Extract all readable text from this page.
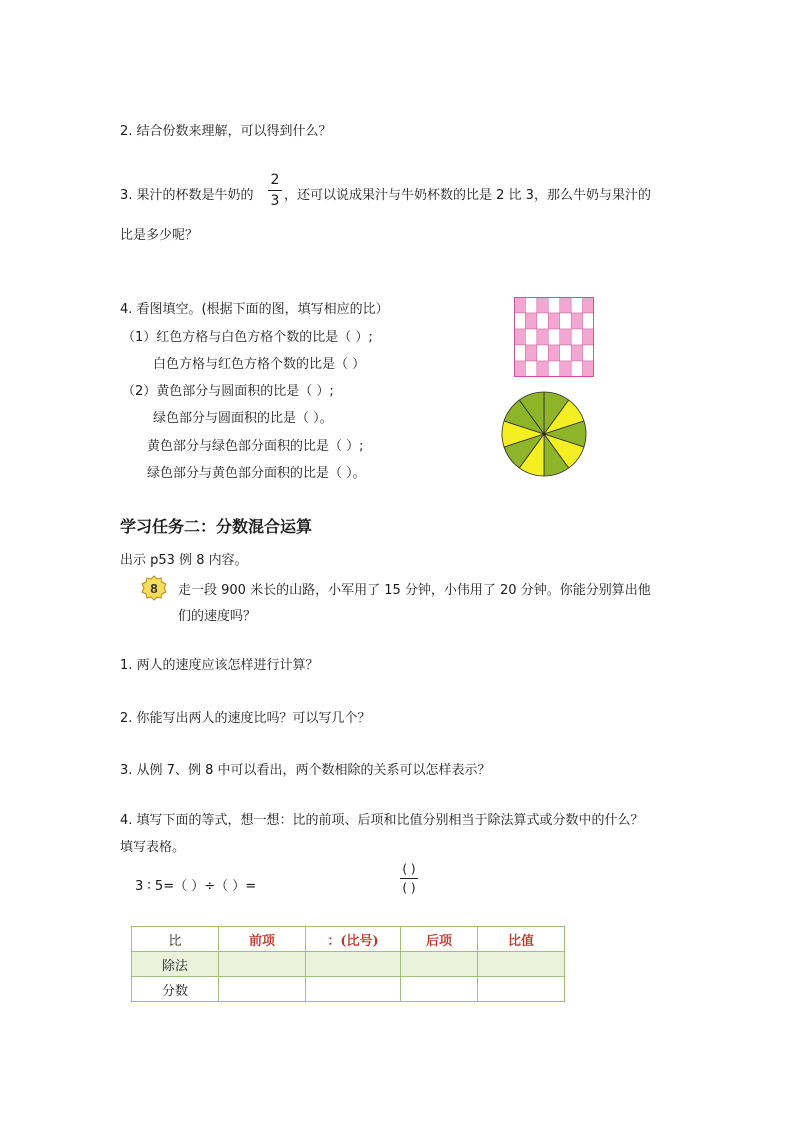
2. 结合份数来理解，可以得到什么？
3. 果汁的杯数是牛奶的
2
3 ，还可以说成果汁与牛奶杯数的比是 2 比 3，那么牛奶与果汁的
比是多少呢？
4. 看图填空。(根据下面的图，填写相应的比）
（1）红色方格与白色方格个数的比是（ ）;
白色方格与红色方格个数的比是（ ）
（2）黄色部分与圆面积的比是（ ）;
绿色部分与圆面积的比是（ ）。
黄色部分与绿色部分面积的比是（ ）;
绿色部分与黄色部分面积的比是（ ）。
学习任务二：分数混合运算
出示 p53 例 8 内容。
8 走一段 900 米长的山路，小军用了 15 分钟，小伟用了 20 分钟。你能分别算出他
们的速度吗？
1. 两人的速度应该怎样进行计算？
2. 你能写出两人的速度比吗？可以写几个？
3. 从例 7、例 8 中可以看出，两个数相除的关系可以怎样表示？
4. 填写下面的等式，想一想：比的前项、后项和比值分别相当于除法算式或分数中的什么？
填写表格。
3 ∶ 5=（ ）÷（ ）=
( )
( )
比	前项	：(比号)	后项	比值
除法				
分数				
